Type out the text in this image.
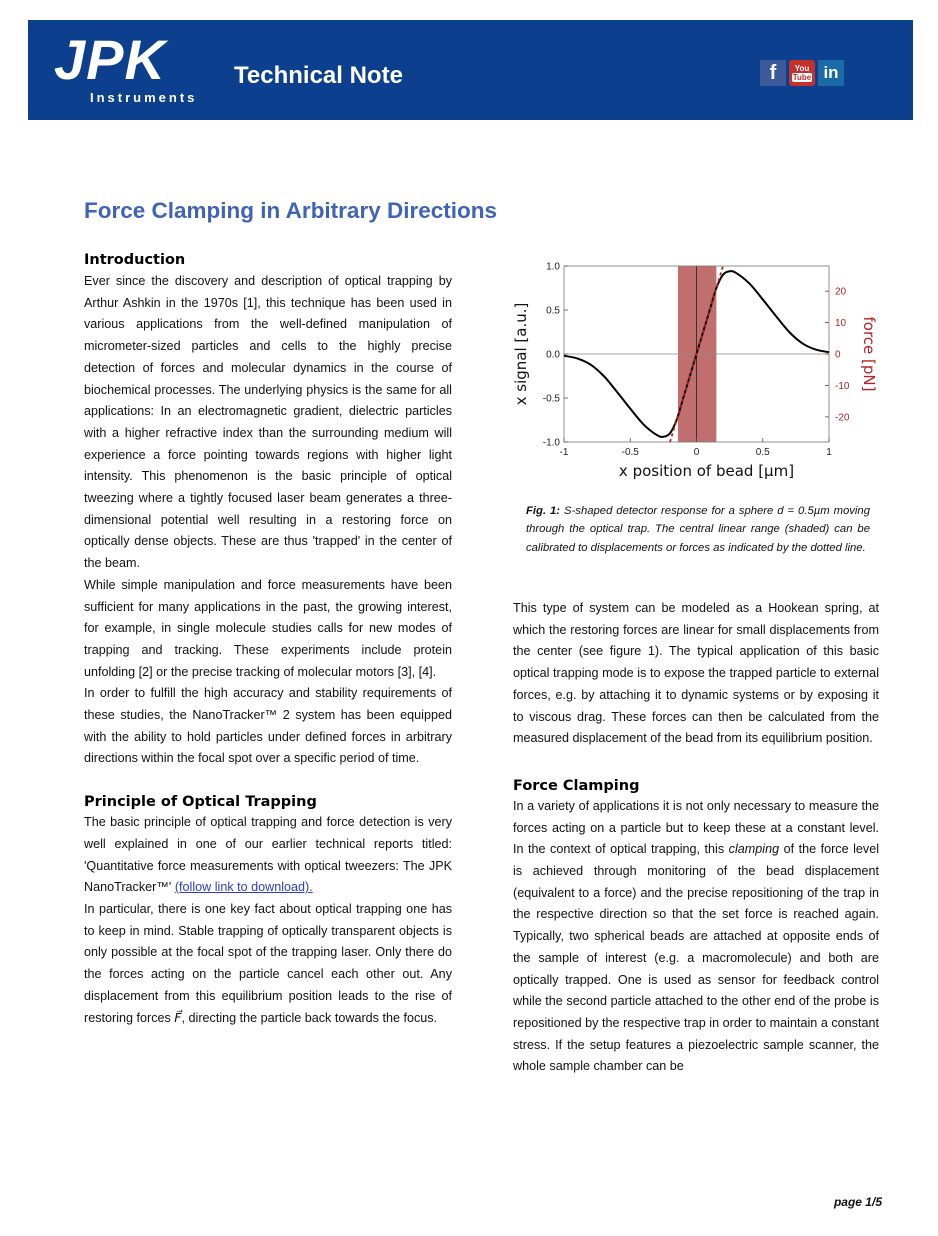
JPK
Instruments
Technical Note	f	You
Tube in
Force Clamping in Arbitrary Directions
Introduction

Ever since the discovery and description of optical trapping by Arthur Ashkin in the 1970s [1], this technique has been used in various applications from the well-defined manipulation of micrometer-sized particles and cells to the highly precise detection of forces and molecular dynamics in the course of biochemical processes. The underlying physics is the same for all applications: In an electromagnetic gradient, dielectric particles with a higher refractive index than the surrounding medium will experience a force pointing towards regions with higher light intensity. This phenomenon is the basic principle of optical tweezing where a tightly focused laser beam generates a three-dimensional potential well resulting in a restoring force on optically dense objects. These are thus 'trapped' in the center of the beam.

While simple manipulation and force measurements have been sufficient for many applications in the past, the growing interest, for example, in single molecule studies calls for new modes of trapping and tracking. These experiments include protein unfolding [2] or the precise tracking of molecular motors [3], [4].

In order to fulfill the high accuracy and stability requirements of these studies, the NanoTracker™ 2 system has been equipped with the ability to hold particles under defined forces in arbitrary directions within the focal spot over a specific period of time.

Principle of Optical Trapping

The basic principle of optical trapping and force detection is very well explained in one of our earlier technical reports titled: 'Quantitative force measurements with optical tweezers: The JPK NanoTracker™' (follow link to download).

In particular, there is one key fact about optical trapping one has to keep in mind. Stable trapping of optically transparent objects is only possible at the focal spot of the trapping laser. Only there do the forces acting on the particle cancel each other out. Any displacement from this equilibrium position leads to the rise of restoring forces F⃗, directing the particle back towards the focus.

-1	-0.5	0	0.5	1
-1.0
-0.5
0.0
0.5
1.0
-20
-10
0
10
20
x position of bead [µm]
x signal [a.u.]	force [pN]
Fig. 1: S-shaped detector response for a sphere d = 0.5µm moving through the optical trap. The central linear range (shaded) can be calibrated to displacements or forces as indicated by the dotted line.

This type of system can be modeled as a Hookean spring, at which the restoring forces are linear for small displacements from the center (see figure 1). The typical application of this basic optical trapping mode is to expose the trapped particle to external forces, e.g. by attaching it to dynamic systems or by exposing it to viscous drag. These forces can then be calculated from the measured displacement of the bead from its equilibrium position.

Force Clamping

In a variety of applications it is not only necessary to measure the forces acting on a particle but to keep these at a constant level. In the context of optical trapping, this clamping of the force level is achieved through monitoring of the bead displacement (equivalent to a force) and the precise repositioning of the trap in the respective direction so that the set force is reached again. Typically, two spherical beads are attached at opposite ends of the sample of interest (e.g. a macromolecule) and both are optically trapped. One is used as sensor for feedback control while the second particle attached to the other end of the probe is repositioned by the respective trap in order to maintain a constant stress. If the setup features a piezoelectric sample scanner, the whole sample chamber can be

page 1/5
